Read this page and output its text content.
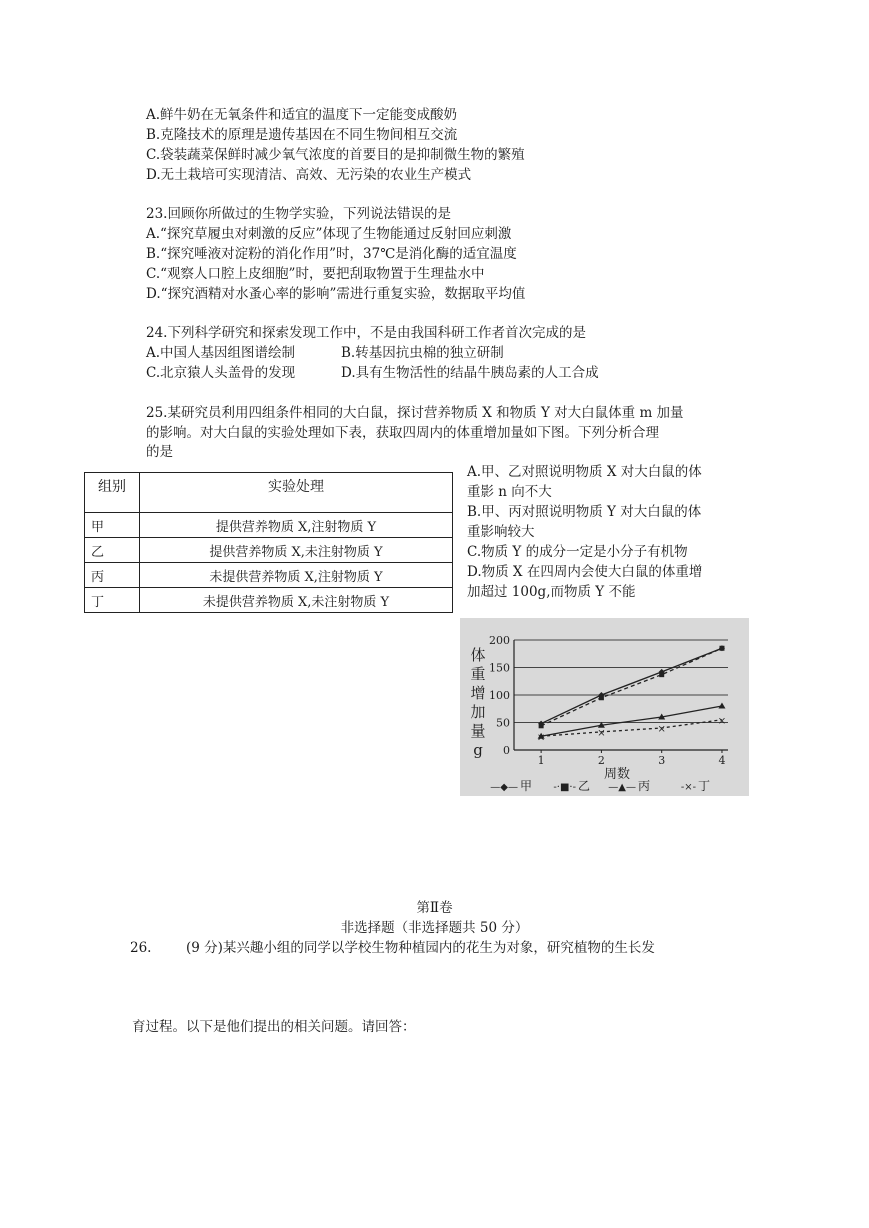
A.鲜牛奶在无氧条件和适宜的温度下一定能变成酸奶
B.克隆技术的原理是遗传基因在不同生物间相互交流
C.袋装蔬菜保鲜时减少氧气浓度的首要目的是抑制微生物的繁殖
D.无土栽培可实现清洁、高效、无污染的农业生产模式
23.回顾你所做过的生物学实验，下列说法错误的是
A.“探究草履虫对刺激的反应”体现了生物能通过反射回应刺激
B.“探究唾液对淀粉的消化作用”时，37℃是消化酶的适宜温度
C.“观察人口腔上皮细胞”时，要把刮取物置于生理盐水中
D.“探究酒精对水蚤心率的影响”需进行重复实验，数据取平均值
24.下列科学研究和探索发现工作中，不是由我国科研工作者首次完成的是
A.中国人基因组图谱绘制	B.转基因抗虫棉的独立研制
C.北京猿人头盖骨的发现	D.具有生物活性的结晶牛胰岛素的人工合成
25.某研究员利用四组条件相同的大白鼠，探讨营养物质 X 和物质 Y 对大白鼠体重 m 加量
的影响。对大白鼠的实验处理如下表，获取四周内的体重增加量如下图。下列分析合理
的是
组别	实验处理
甲	提供营养物质 X,注射物质 Y
乙	提供营养物质 X,未注射物质 Y
丙	未提供营养物质 X,注射物质 Y
丁	未提供营养物质 X,未注射物质 Y
A.甲、乙对照说明物质 X 对大白鼠的体
重影 n 向不大
B.甲、丙对照说明物质 Y 对大白鼠的体
重影响较大
C.物质 Y 的成分一定是小分子有机物
D.物质 X 在四周内会使大白鼠的体重增
加超过 100g,而物质 Y 不能
0
50
100
150
200
1	2	3	4
×	×	×
×
体
重
增
加
量
g
周数
—◆— 甲 -·■·- 乙 —▲— 丙	-×- 丁
第Ⅱ卷
非选择题（非选择题共 50 分）
26.	(9 分)某兴趣小组的同学以学校生物种植园内的花生为对象，研究植物的生长发
育过程。以下是他们提出的相关问题。请回答：
